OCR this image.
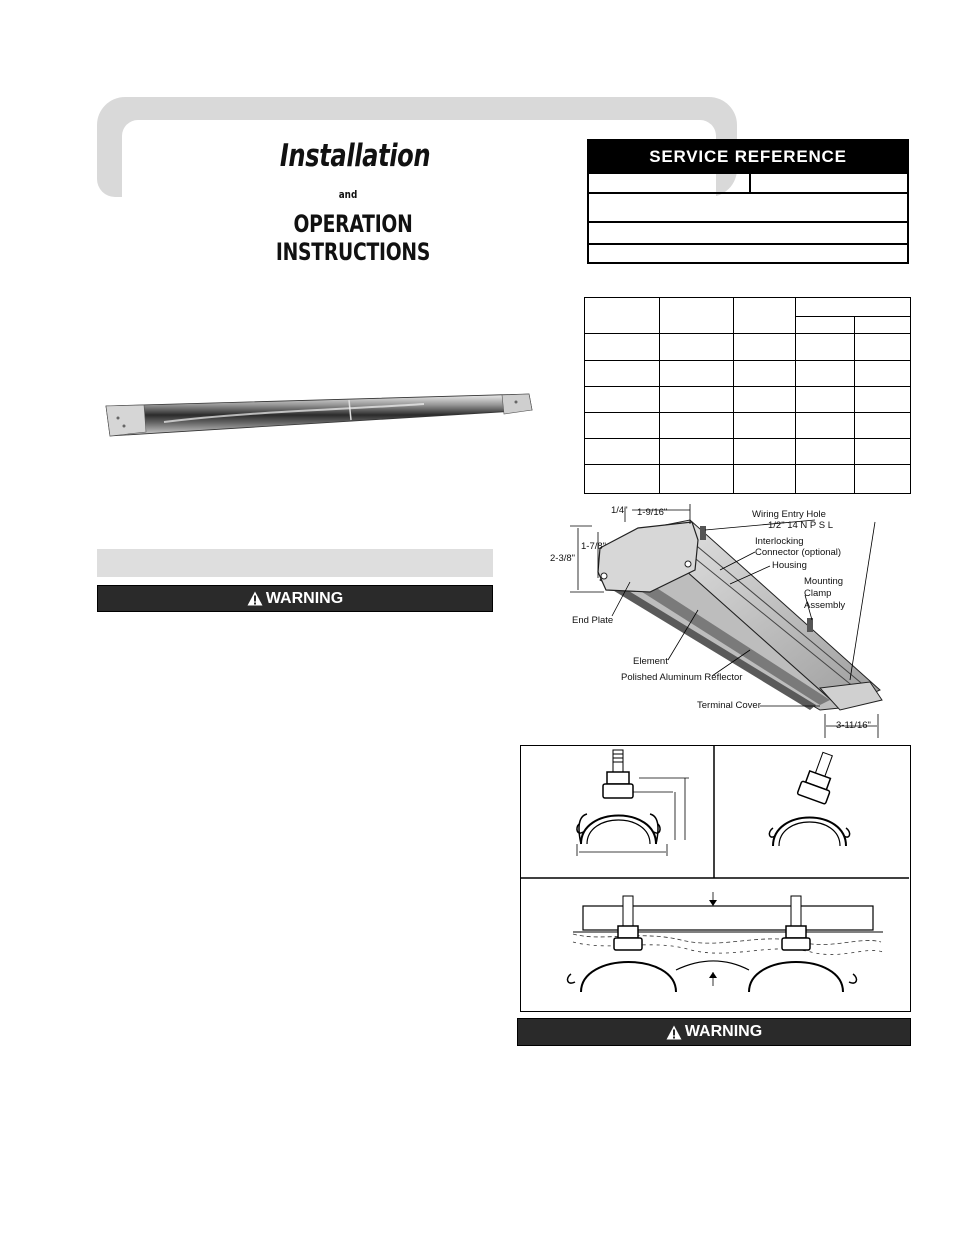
Installation
and
OPERATION INSTRUCTIONS
SERVICE REFERENCE
WARNING
1/4" 1-9/16"
2-3/8"
1-7/8"
3-11/16"
Wiring Entry Hole
1/2" 14 N P S L
Interlocking
Connector (optional)
Housing
Mounting
Clamp
Assembly
End Plate
Element
Polished Aluminum Reflector
Terminal Cover
WARNING
